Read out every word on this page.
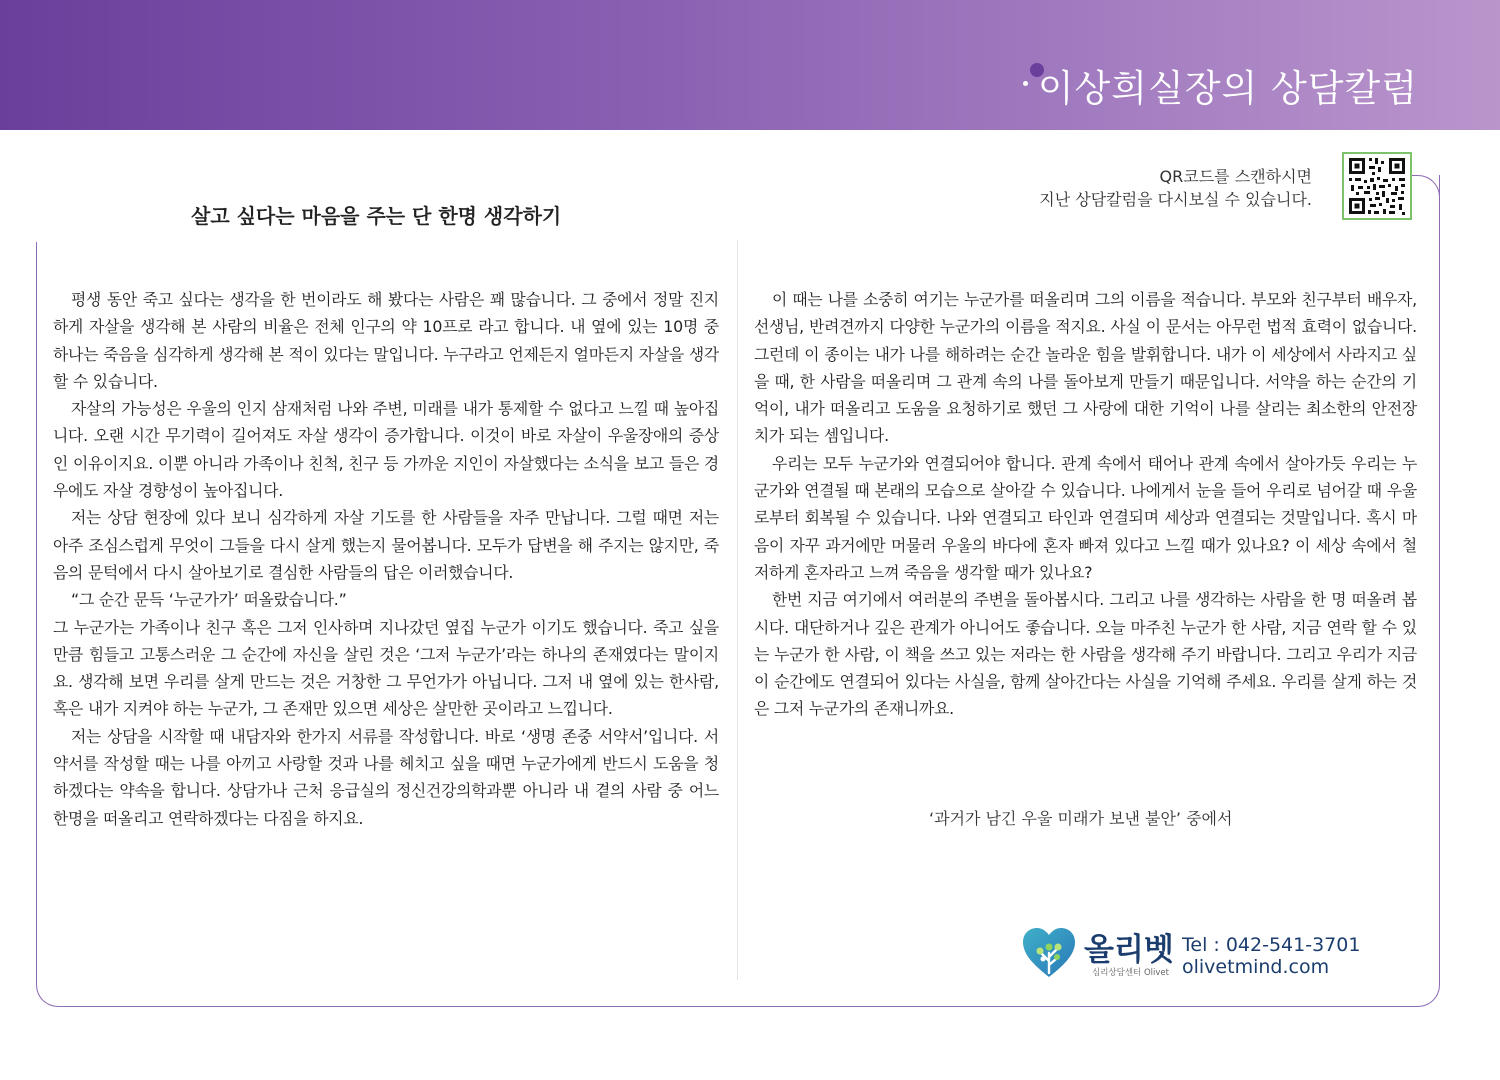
이상희실장의 상담칼럼
QR코드를 스캔하시면
지난 상담칼럼을 다시보실 수 있습니다.
살고 싶다는 마음을 주는 단 한명 생각하기

평생 동안 죽고 싶다는 생각을 한 번이라도 해 봤다는 사람은 꽤 많습니다. 그 중에서 정말 진지하게 자살을 생각해 본 사람의 비율은 전체 인구의 약 10프로 라고 합니다. 내 옆에 있는 10명 중 하나는 죽음을 심각하게 생각해 본 적이 있다는 말입니다. 누구라고 언제든지 얼마든지 자살을 생각할 수 있습니다.

자살의 가능성은 우울의 인지 삼재처럼 나와 주변, 미래를 내가 통제할 수 없다고 느낄 때 높아집니다. 오랜 시간 무기력이 길어져도 자살 생각이 증가합니다. 이것이 바로 자살이 우울장애의 증상인 이유이지요. 이뿐 아니라 가족이나 친척, 친구 등 가까운 지인이 자살했다는 소식을 보고 들은 경우에도 자살 경향성이 높아집니다.

저는 상담 현장에 있다 보니 심각하게 자살 기도를 한 사람들을 자주 만납니다. 그럴 때면 저는 아주 조심스럽게 무엇이 그들을 다시 살게 했는지 물어봅니다. 모두가 답변을 해 주지는 않지만, 죽음의 문턱에서 다시 살아보기로 결심한 사람들의 답은 이러했습니다.

“그 순간 문득 ‘누군가가’ 떠올랐습니다.”

그 누군가는 가족이나 친구 혹은 그저 인사하며 지나갔던 옆집 누군가 이기도 했습니다. 죽고 싶을 만큼 힘들고 고통스러운 그 순간에 자신을 살린 것은 ‘그저 누군가’라는 하나의 존재였다는 말이지요. 생각해 보면 우리를 살게 만드는 것은 거창한 그 무언가가 아닙니다. 그저 내 옆에 있는 한사람, 혹은 내가 지켜야 하는 누군가, 그 존재만 있으면 세상은 살만한 곳이라고 느낍니다.

저는 상담을 시작할 때 내담자와 한가지 서류를 작성합니다. 바로 ‘생명 존중 서약서’입니다. 서약서를 작성할 때는 나를 아끼고 사랑할 것과 나를 헤치고 싶을 때면 누군가에게 반드시 도움을 청하겠다는 약속을 합니다. 상담가나 근처 응급실의 정신건강의학과뿐 아니라 내 곁의 사람 중 어느 한명을 떠올리고 연락하겠다는 다짐을 하지요.

이 때는 나를 소중히 여기는 누군가를 떠올리며 그의 이름을 적습니다. 부모와 친구부터 배우자, 선생님, 반려견까지 다양한 누군가의 이름을 적지요. 사실 이 문서는 아무런 법적 효력이 없습니다. 그런데 이 종이는 내가 나를 해하려는 순간 놀라운 힘을 발휘합니다. 내가 이 세상에서 사라지고 싶을 때, 한 사람을 떠올리며 그 관계 속의 나를 돌아보게 만들기 때문입니다. 서약을 하는 순간의 기억이, 내가 떠올리고 도움을 요청하기로 했던 그 사랑에 대한 기억이 나를 살리는 최소한의 안전장치가 되는 셈입니다.

우리는 모두 누군가와 연결되어야 합니다. 관계 속에서 태어나 관계 속에서 살아가듯 우리는 누군가와 연결될 때 본래의 모습으로 살아갈 수 있습니다. 나에게서 눈을 들어 우리로 넘어갈 때 우울로부터 회복될 수 있습니다. 나와 연결되고 타인과 연결되며 세상과 연결되는 것말입니다. 혹시 마음이 자꾸 과거에만 머물러 우울의 바다에 혼자 빠져 있다고 느낄 때가 있나요? 이 세상 속에서 철저하게 혼자라고 느껴 죽음을 생각할 때가 있나요?

한번 지금 여기에서 여러분의 주변을 돌아봅시다. 그리고 나를 생각하는 사람을 한 명 떠올려 봅시다. 대단하거나 깊은 관계가 아니어도 좋습니다. 오늘 마주친 누군가 한 사람, 지금 연락 할 수 있는 누군가 한 사람, 이 책을 쓰고 있는 저라는 한 사람을 생각해 주기 바랍니다. 그리고 우리가 지금 이 순간에도 연결되어 있다는 사실을, 함께 살아간다는 사실을 기억해 주세요. 우리를 살게 하는 것은 그저 누군가의 존재니까요.

‘과거가 남긴 우울 미래가 보낸 불안’ 중에서
올리벳
심리상담센터 Olivet
Tel : 042-541-3701
olivetmind.com
